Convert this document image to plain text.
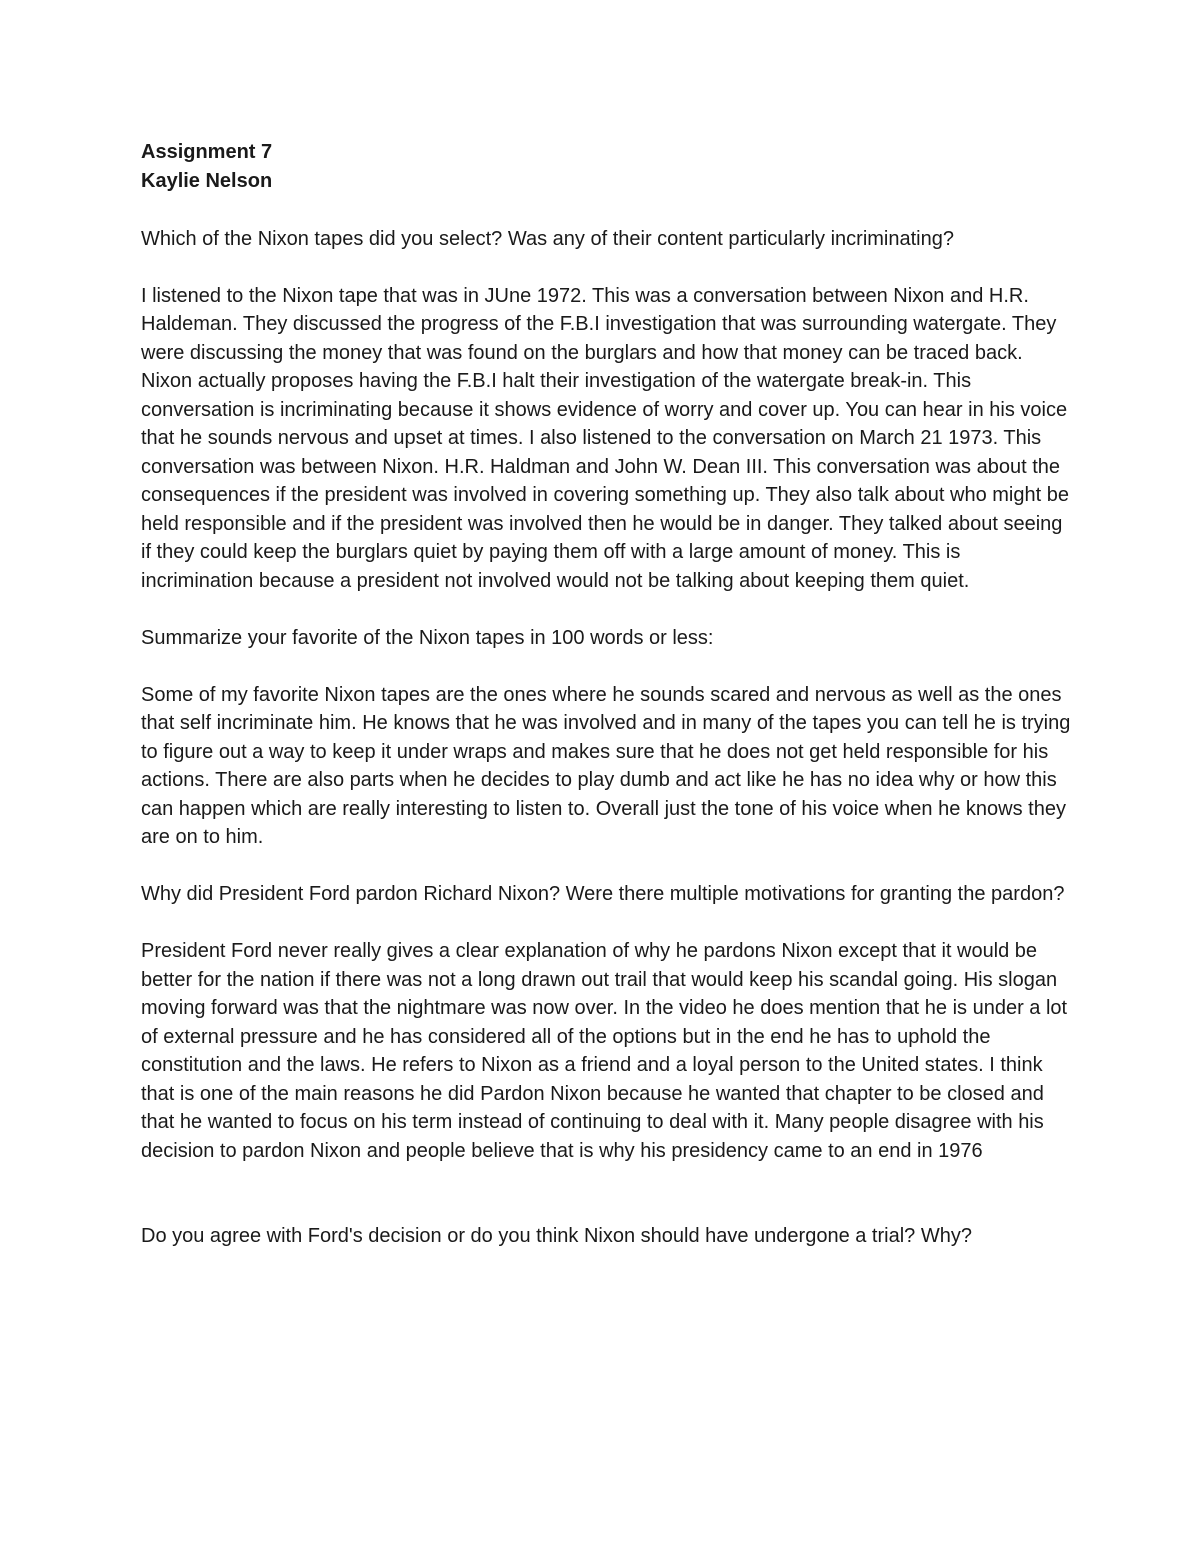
Assignment 7

Kaylie Nelson

Which of the Nixon tapes did you select? Was any of their content particularly incriminating?

I listened to the Nixon tape that was in JUne 1972. This was a conversation between Nixon and H.R. Haldeman. They discussed the progress of the F.B.I investigation that was surrounding watergate. They were discussing the money that was found on the burglars and how that money can be traced back. Nixon actually proposes having the F.B.I halt their investigation of the watergate break-in. This conversation is incriminating because it shows evidence of worry and cover up. You can hear in his voice that he sounds nervous and upset at times. I also listened to the conversation on March 21 1973. This conversation was between Nixon. H.R. Haldman and John W. Dean III. This conversation was about the consequences if the president was involved in covering something up. They also talk about who might be held responsible and if the president was involved then he would be in danger. They talked about seeing if they could keep the burglars quiet by paying them off with a large amount of money. This is incrimination because a president not involved would not be talking about keeping them quiet.

Summarize your favorite of the Nixon tapes in 100 words or less:

Some of my favorite Nixon tapes are the ones where he sounds scared and nervous as well as the ones that self incriminate him. He knows that he was involved and in many of the tapes you can tell he is trying to figure out a way to keep it under wraps and makes sure that he does not get held responsible for his actions. There are also parts when he decides to play dumb and act like he has no idea why or how this can happen which are really interesting to listen to. Overall just the tone of his voice when he knows they are on to him.

Why did President Ford pardon Richard Nixon? Were there multiple motivations for granting the pardon?

President Ford never really gives a clear explanation of why he pardons Nixon except that it would be better for the nation if there was not a long drawn out trail that would keep his scandal going. His slogan moving forward was that the nightmare was now over. In the video he does mention that he is under a lot of external pressure and he has considered all of the options but in the end he has to uphold the constitution and the laws. He refers to Nixon as a friend and a loyal person to the United states. I think that is one of the main reasons he did Pardon Nixon because he wanted that chapter to be closed and that he wanted to focus on his term instead of continuing to deal with it. Many people disagree with his decision to pardon Nixon and people believe that is why his presidency came to an end in 1976

Do you agree with Ford's decision or do you think Nixon should have undergone a trial? Why?
